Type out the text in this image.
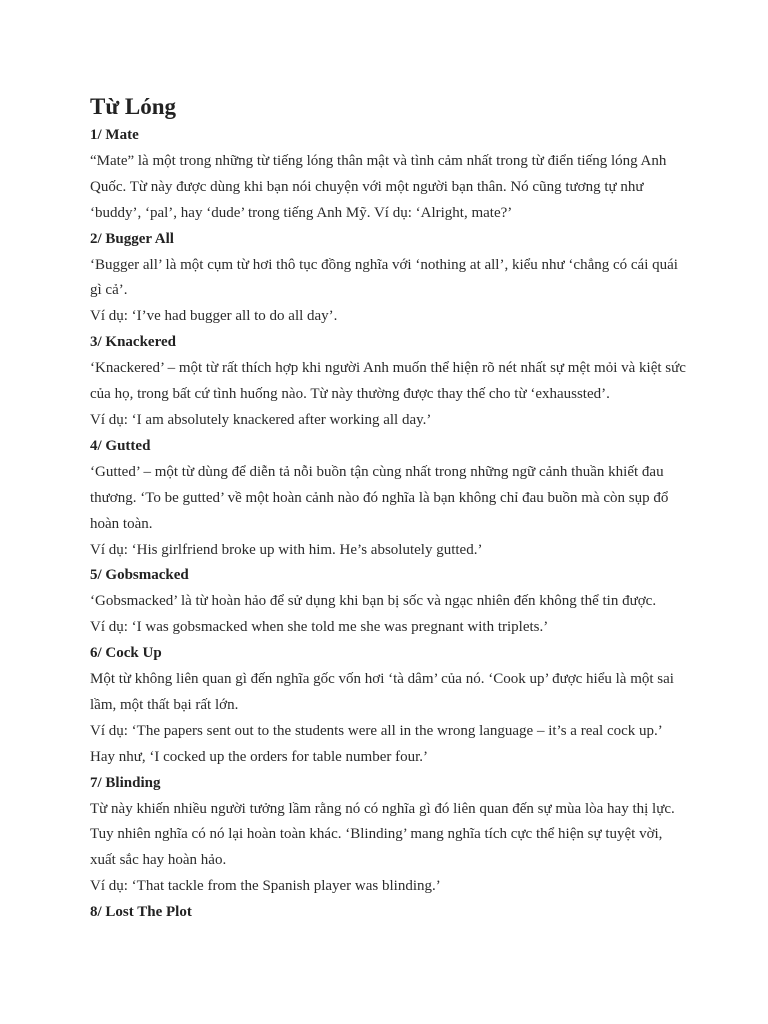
Từ Lóng

1/ Mate

“Mate” là một trong những từ tiếng lóng thân mật và tình cảm nhất trong từ điển tiếng lóng Anh Quốc. Từ này được dùng khi bạn nói chuyện với một người bạn thân. Nó cũng tương tự như ‘buddy’, ‘pal’, hay ‘dude’ trong tiếng Anh Mỹ. Ví dụ: ‘Alright, mate?’

2/ Bugger All

‘Bugger all’ là một cụm từ hơi thô tục đồng nghĩa với ‘nothing at all’, kiểu như ‘chẳng có cái quái gì cả’.

Ví dụ: ‘I’ve had bugger all to do all day’.

3/ Knackered

‘Knackered’ – một từ rất thích hợp khi người Anh muốn thể hiện rõ nét nhất sự mệt mỏi và kiệt sức của họ, trong bất cứ tình huống nào. Từ này thường được thay thế cho từ ‘exhaussted’.

Ví dụ: ‘I am absolutely knackered after working all day.’

4/ Gutted

‘Gutted’ – một từ dùng để diễn tả nỗi buồn tận cùng nhất trong những ngữ cảnh thuần khiết đau thương. ‘To be gutted’ về một hoàn cảnh nào đó nghĩa là bạn không chỉ đau buồn mà còn sụp đổ hoàn toàn.

Ví dụ: ‘His girlfriend broke up with him. He’s absolutely gutted.’

5/ Gobsmacked

‘Gobsmacked’ là từ hoàn hảo để sử dụng khi bạn bị sốc và ngạc nhiên đến không thể tin được.

Ví dụ: ‘I was gobsmacked when she told me she was pregnant with triplets.’

6/ Cock Up

Một từ không liên quan gì đến nghĩa gốc vốn hơi ‘tà dâm’ của nó. ‘Cook up’ được hiểu là một sai lầm, một thất bại rất lớn.

Ví dụ: ‘The papers sent out to the students were all in the wrong language – it’s a real cock up.’ Hay như, ‘I cocked up the orders for table number four.’

7/ Blinding

Từ này khiến nhiều người tưởng lầm rằng nó có nghĩa gì đó liên quan đến sự mùa lòa hay thị lực. Tuy nhiên nghĩa có nó lại hoàn toàn khác. ‘Blinding’ mang nghĩa tích cực thể hiện sự tuyệt vời, xuất sắc hay hoàn hảo.

Ví dụ: ‘That tackle from the Spanish player was blinding.’

8/ Lost The Plot
